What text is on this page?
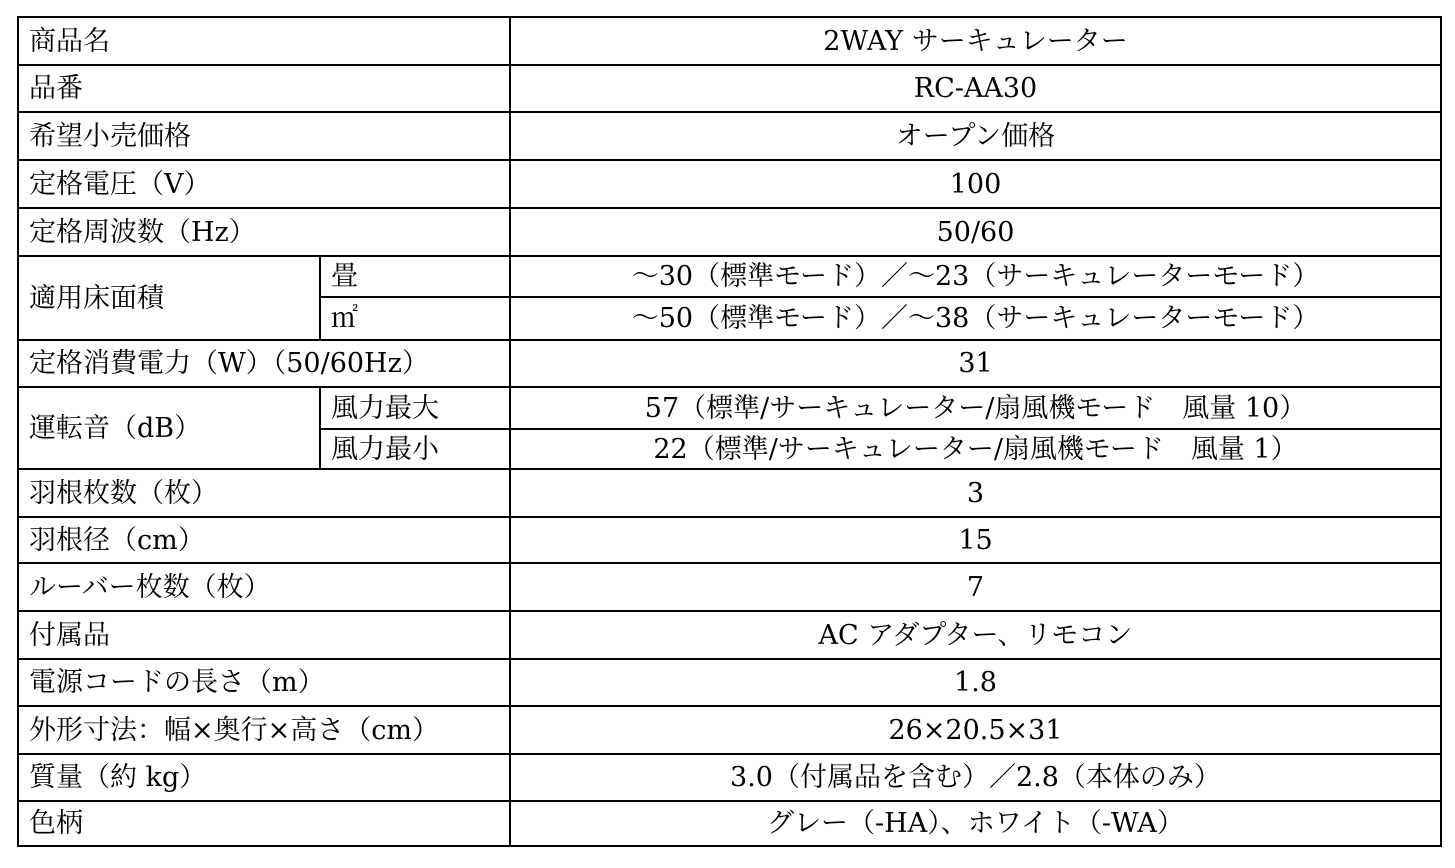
商品名		2WAY サーキュレーター
品番		RC-AA30
希望小売価格		オープン価格
定格電圧（V）		100
定格周波数（Hz）		50/60
適用床面積	畳	～30（標準モード）／～23（サーキュレーターモード）
	㎡	～50（標準モード）／～38（サーキュレーターモード）
定格消費電力（W）（50/60Hz）		31
運転音（dB）	風力最大	57（標準/サーキュレーター/扇風機モード　風量 10）
	風力最小	22（標準/サーキュレーター/扇風機モード　風量 1）
羽根枚数（枚）		3
羽根径（cm）		15
ルーバー枚数（枚）		7
付属品		AC アダプター、リモコン
電源コードの長さ（m）		1.8
外形寸法：幅×奥行×高さ（cm）		26×20.5×31
質量（約 kg）		3.0（付属品を含む）／2.8（本体のみ）
色柄		グレー（-HA）、ホワイト（-WA）
